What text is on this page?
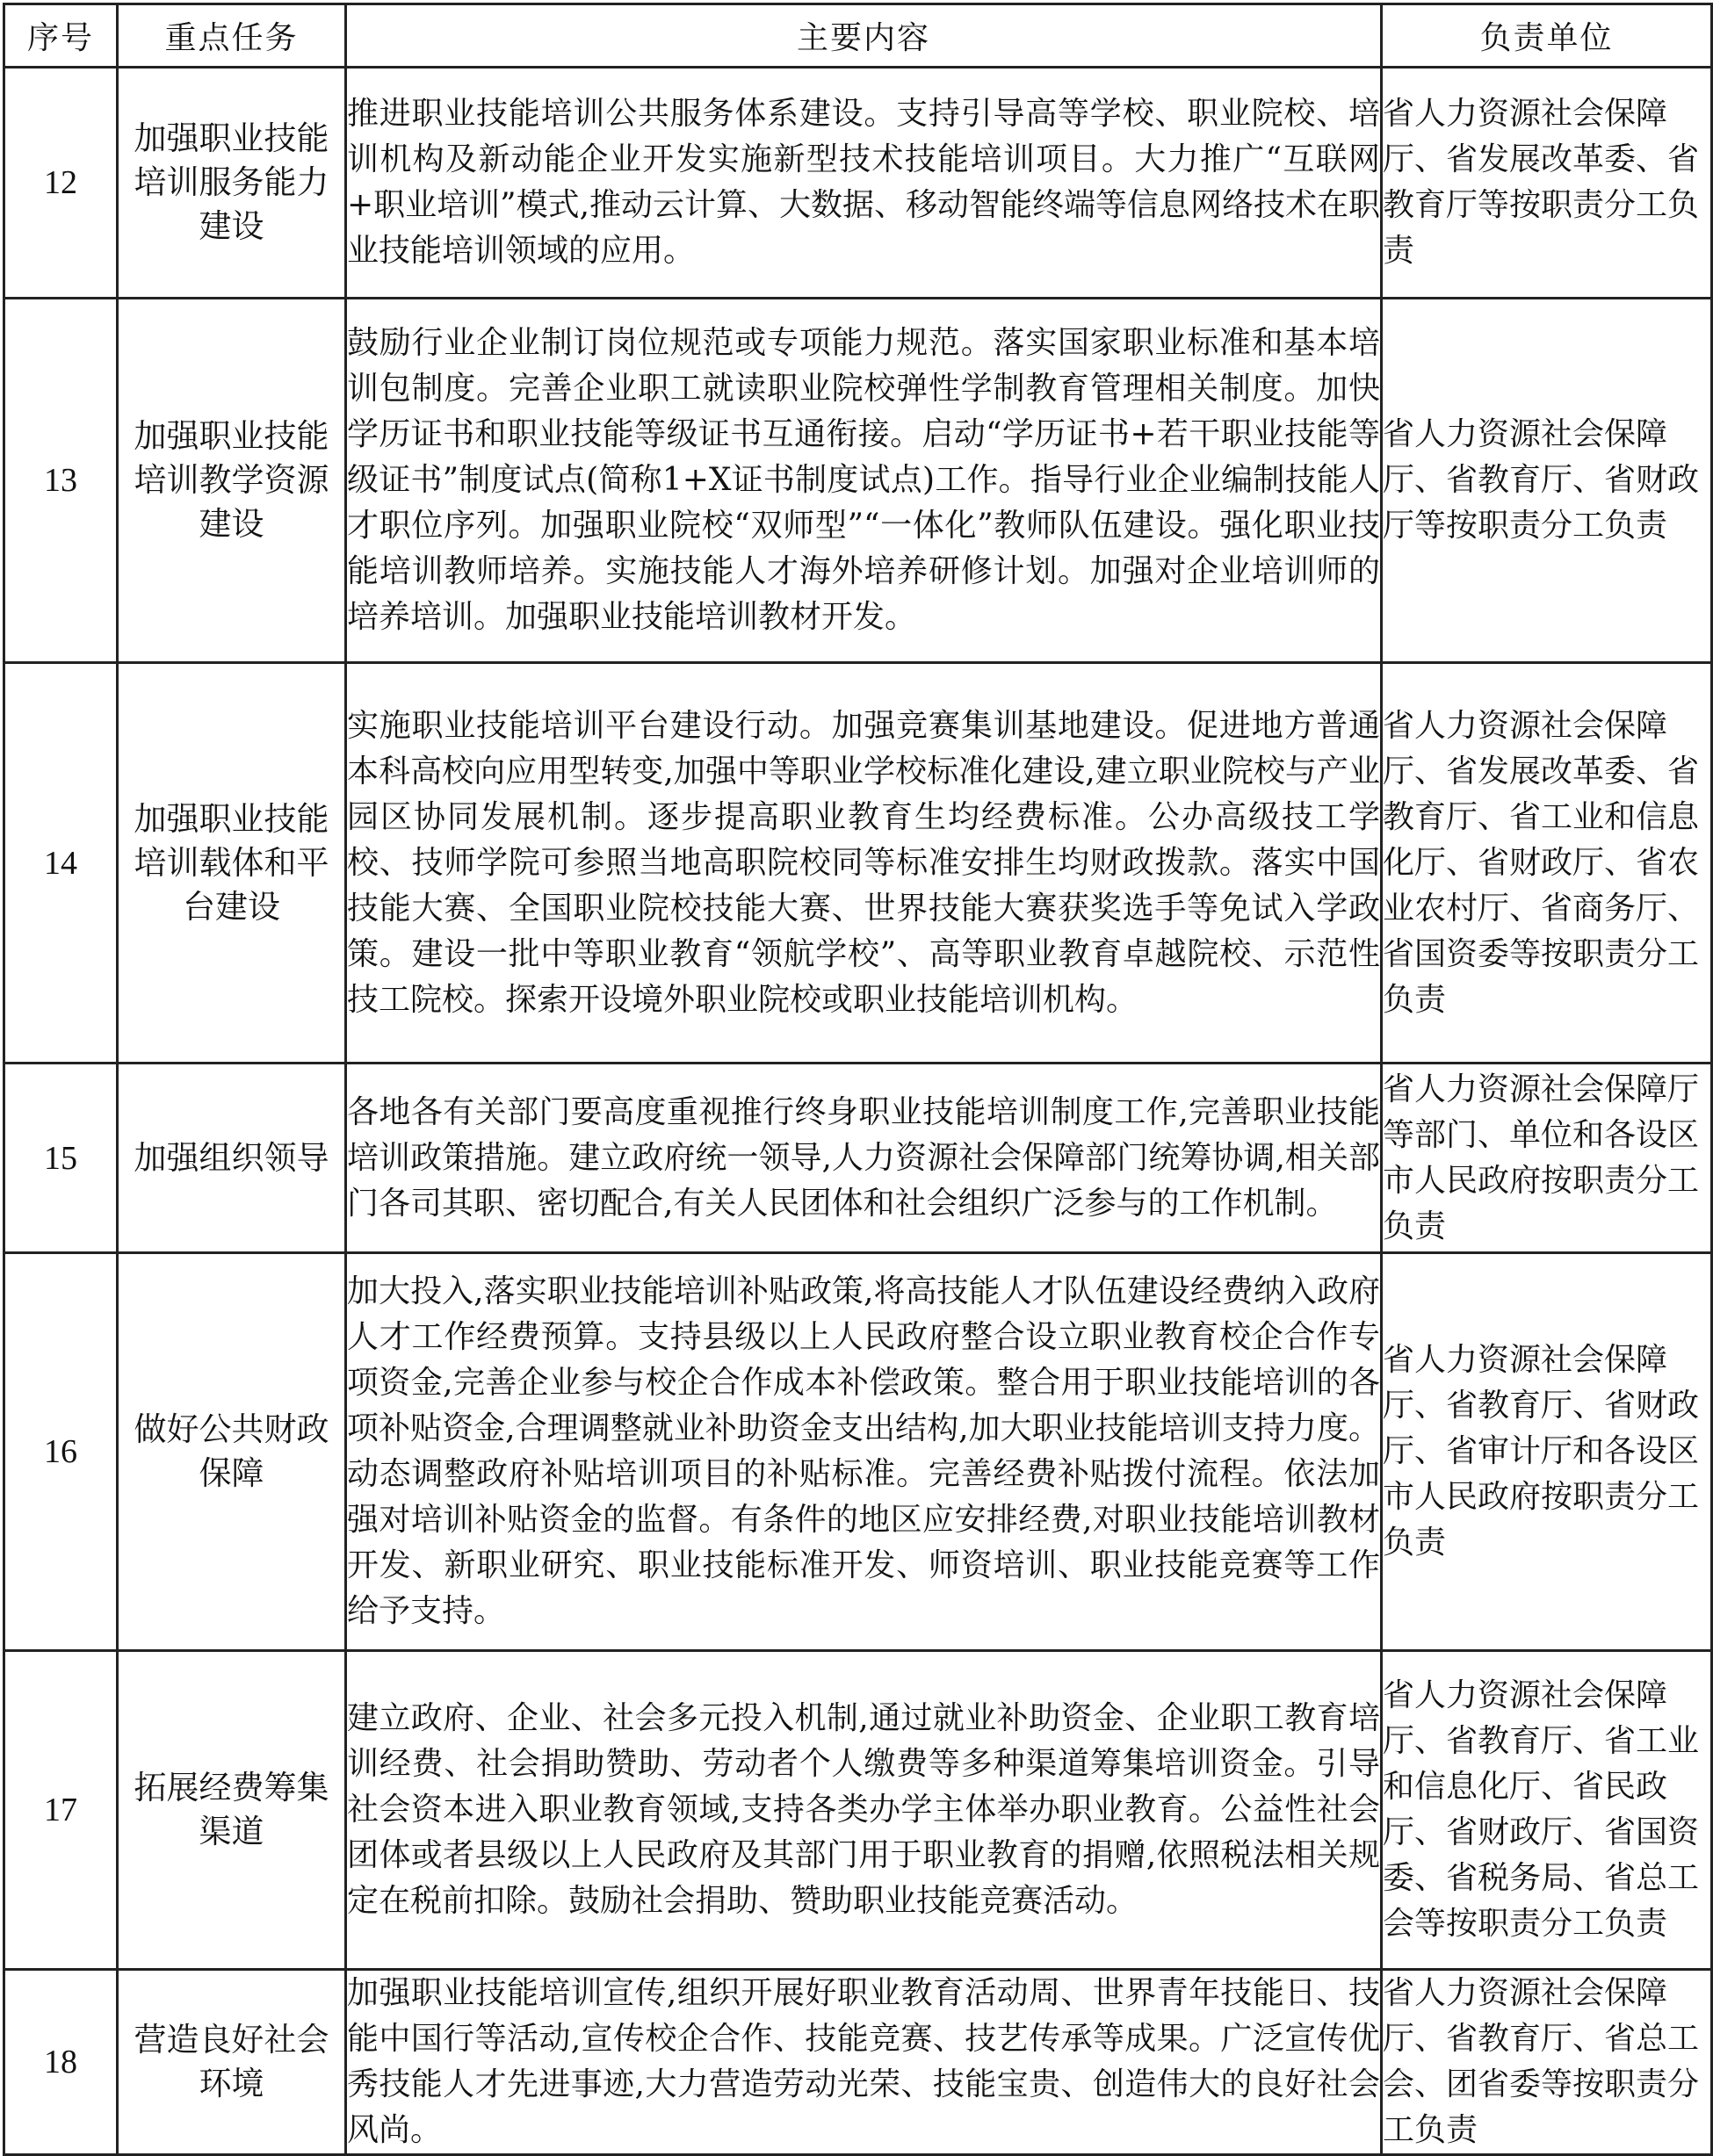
序号	重点任务	主要内容	负责单位
12	加强职业技能培训服务能力建设	推进职业技能培训公共服务体系建设。支持引导高等学校、职业院校、培训机构及新动能企业开发实施新型技术技能培训项目。大力推广“互联网+职业培训”模式,推动云计算、大数据、移动智能终端等信息网络技术在职业技能培训领域的应用。	省人力资源社会保障厅、省发展改革委、省教育厅等按职责分工负责
13	加强职业技能培训教学资源建设	鼓励行业企业制订岗位规范或专项能力规范。落实国家职业标准和基本培训包制度。完善企业职工就读职业院校弹性学制教育管理相关制度。加快学历证书和职业技能等级证书互通衔接。启动“学历证书+若干职业技能等级证书”制度试点(简称1+X证书制度试点)工作。指导行业企业编制技能人才职位序列。加强职业院校“双师型”“一体化”教师队伍建设。强化职业技能培训教师培养。实施技能人才海外培养研修计划。加强对企业培训师的培养培训。加强职业技能培训教材开发。	省人力资源社会保障厅、省教育厅、省财政厅等按职责分工负责
14	加强职业技能培训载体和平台建设	实施职业技能培训平台建设行动。加强竞赛集训基地建设。促进地方普通本科高校向应用型转变,加强中等职业学校标准化建设,建立职业院校与产业园区协同发展机制。逐步提高职业教育生均经费标准。公办高级技工学校、技师学院可参照当地高职院校同等标准安排生均财政拨款。落实中国技能大赛、全国职业院校技能大赛、世界技能大赛获奖选手等免试入学政策。建设一批中等职业教育“领航学校”、高等职业教育卓越院校、示范性技工院校。探索开设境外职业院校或职业技能培训机构。	省人力资源社会保障厅、省发展改革委、省教育厅、省工业和信息化厅、省财政厅、省农业农村厅、省商务厅、省国资委等按职责分工负责
15	加强组织领导	各地各有关部门要高度重视推行终身职业技能培训制度工作,完善职业技能培训政策措施。建立政府统一领导,人力资源社会保障部门统筹协调,相关部门各司其职、密切配合,有关人民团体和社会组织广泛参与的工作机制。	省人力资源社会保障厅等部门、单位和各设区市人民政府按职责分工负责
16	做好公共财政保障	加大投入,落实职业技能培训补贴政策,将高技能人才队伍建设经费纳入政府人才工作经费预算。支持县级以上人民政府整合设立职业教育校企合作专项资金,完善企业参与校企合作成本补偿政策。整合用于职业技能培训的各项补贴资金,合理调整就业补助资金支出结构,加大职业技能培训支持力度。动态调整政府补贴培训项目的补贴标准。完善经费补贴拨付流程。依法加强对培训补贴资金的监督。有条件的地区应安排经费,对职业技能培训教材开发、新职业研究、职业技能标准开发、师资培训、职业技能竞赛等工作给予支持。	省人力资源社会保障厅、省教育厅、省财政厅、省审计厅和各设区市人民政府按职责分工负责
17	拓展经费筹集渠道	建立政府、企业、社会多元投入机制,通过就业补助资金、企业职工教育培训经费、社会捐助赞助、劳动者个人缴费等多种渠道筹集培训资金。引导社会资本进入职业教育领域,支持各类办学主体举办职业教育。公益性社会团体或者县级以上人民政府及其部门用于职业教育的捐赠,依照税法相关规定在税前扣除。鼓励社会捐助、赞助职业技能竞赛活动。	省人力资源社会保障厅、省教育厅、省工业和信息化厅、省民政厅、省财政厅、省国资委、省税务局、省总工会等按职责分工负责
18	营造良好社会环境	加强职业技能培训宣传,组织开展好职业教育活动周、世界青年技能日、技能中国行等活动,宣传校企合作、技能竞赛、技艺传承等成果。广泛宣传优秀技能人才先进事迹,大力营造劳动光荣、技能宝贵、创造伟大的良好社会风尚。	省人力资源社会保障厅、省教育厅、省总工会、团省委等按职责分工负责
